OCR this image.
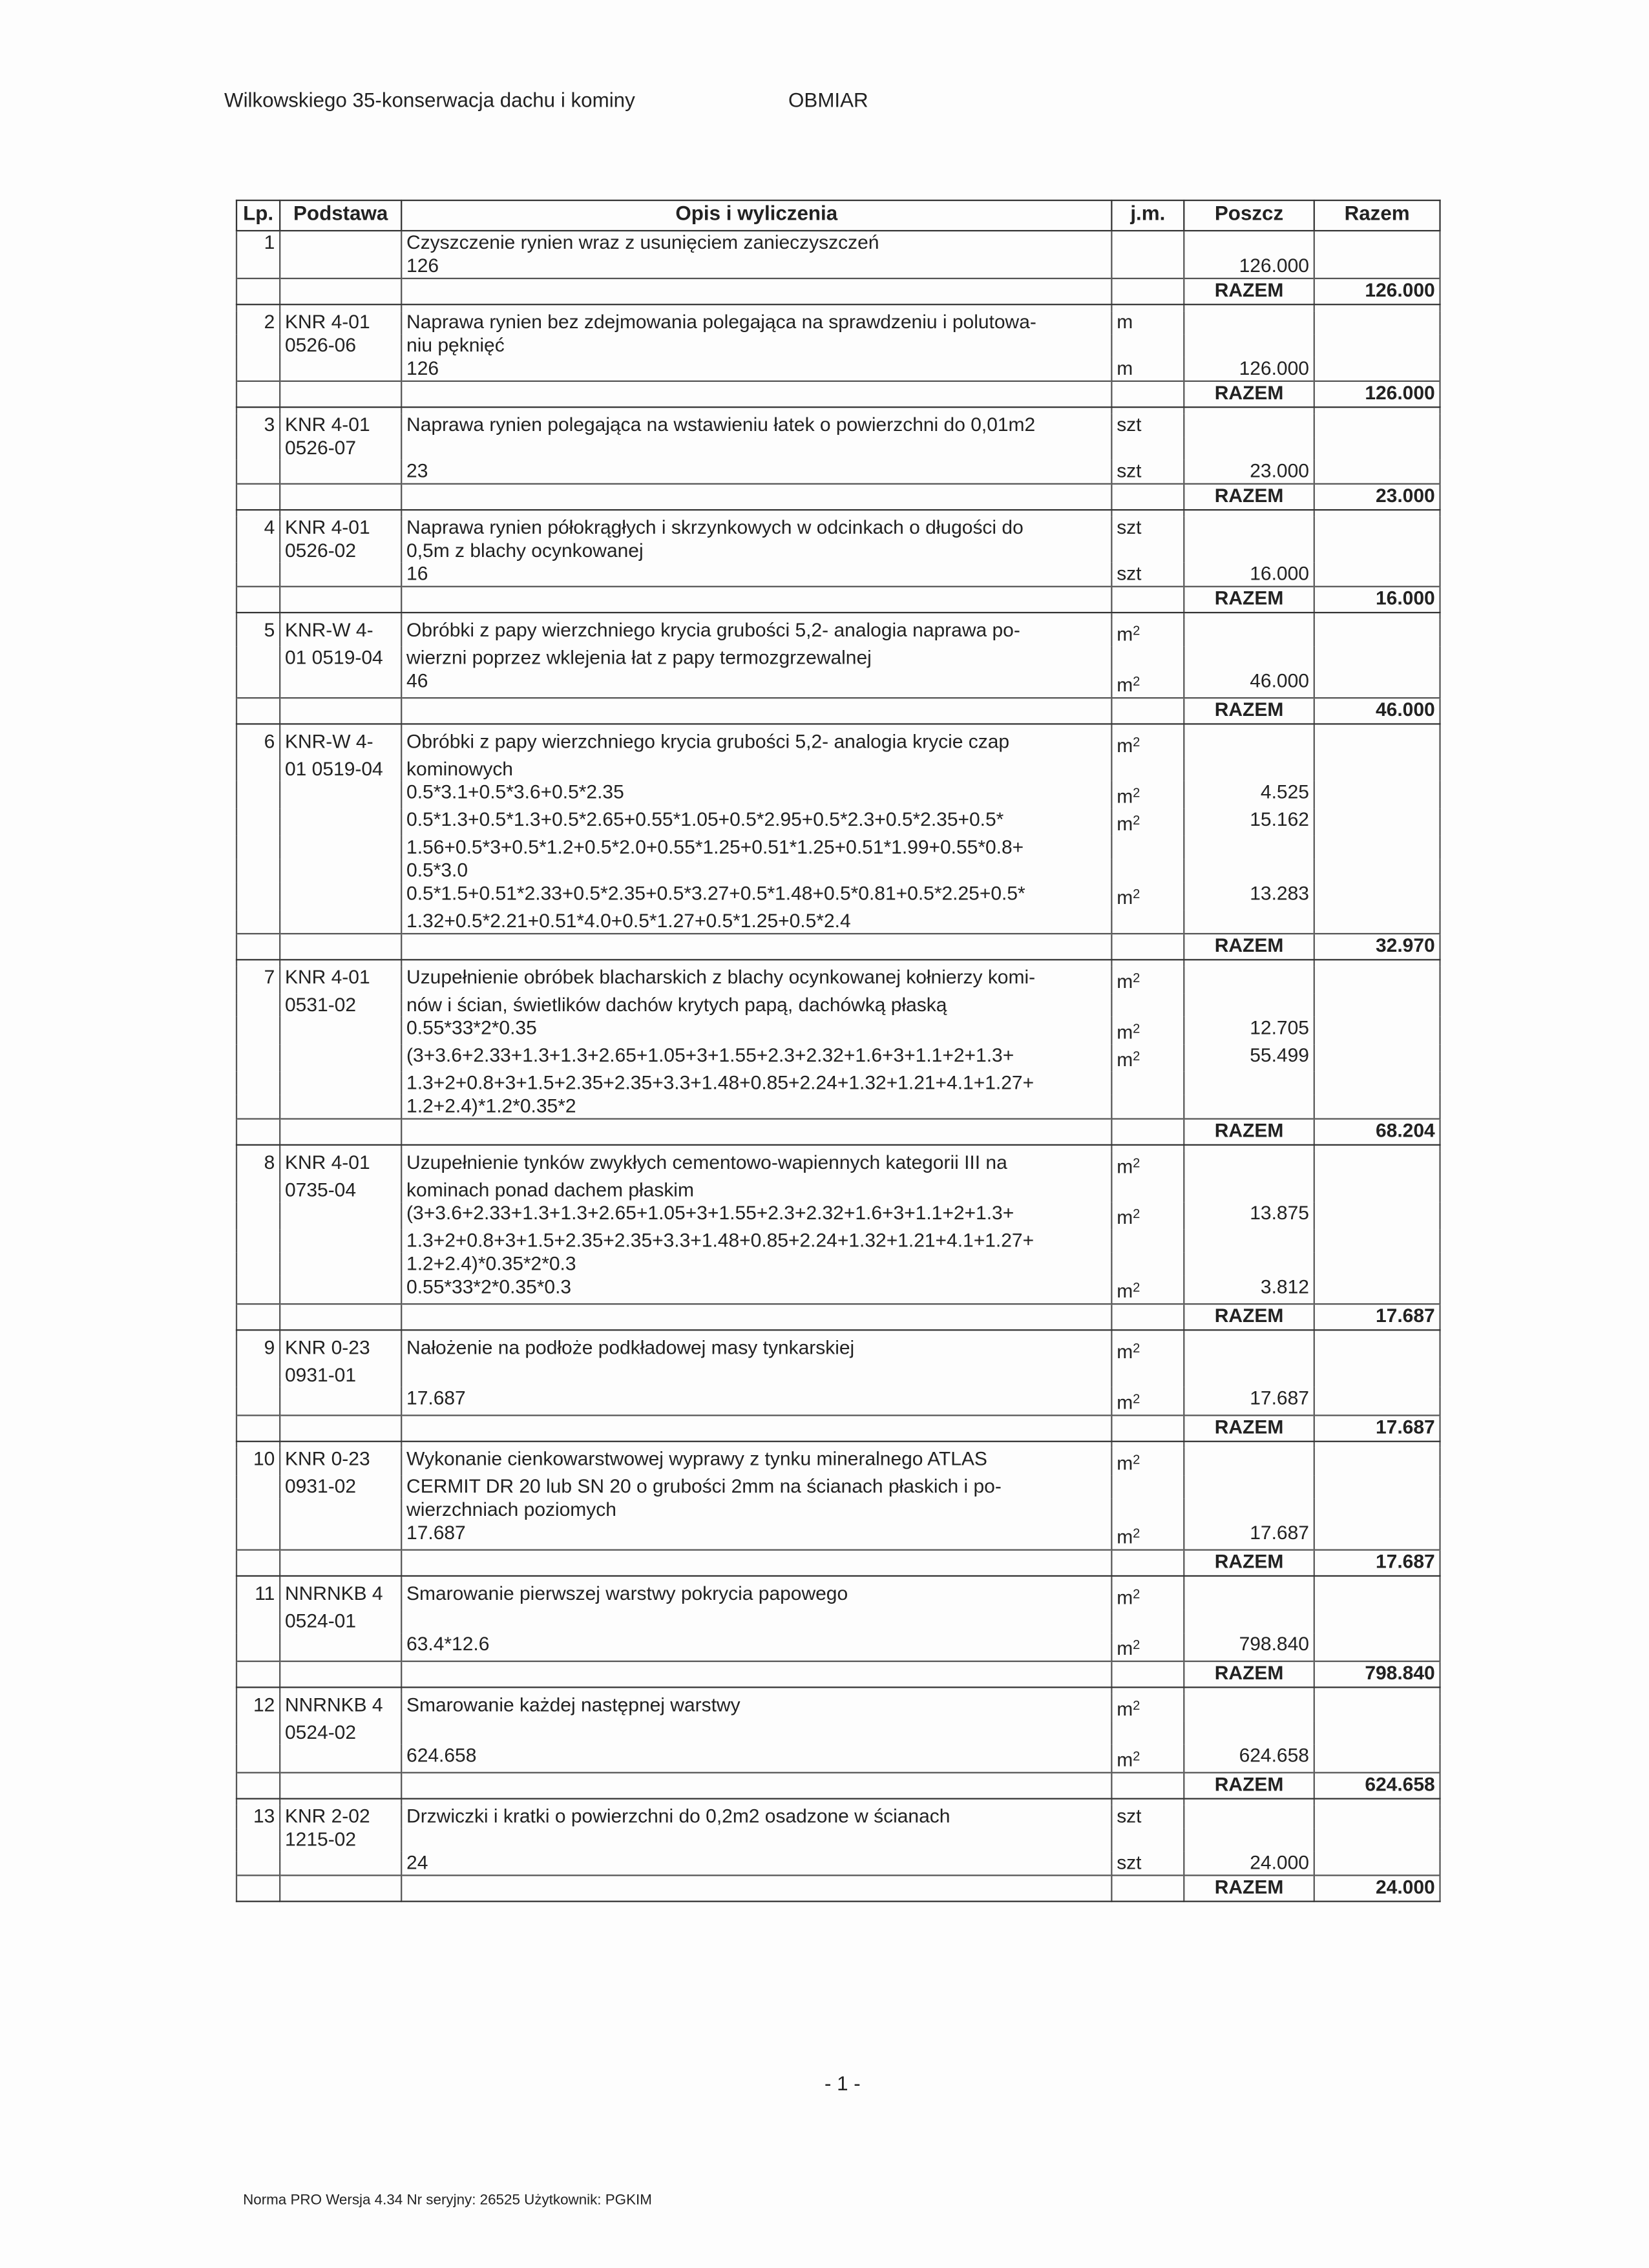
Wilkowskiego 35-konserwacja dachu i kominy	OBMIAR
Lp.	Podstawa	Opis i wyliczenia	j.m.	Poszcz	Razem
1		Czyszczenie rynien wraz z usunięciem zanieczyszczeń			
		126		126.000	
				RAZEM	126.000

2	KNR 4-01	Naprawa rynien bez zdejmowania polegająca na sprawdzeniu i polutowa-	m		
	0526-06	niu pęknięć			
		126	m	126.000	
				RAZEM	126.000

3	KNR 4-01	Naprawa rynien polegająca na wstawieniu łatek o powierzchni do 0,01m2	szt		
	0526-07				
		23	szt	23.000	
				RAZEM	23.000

4	KNR 4-01	Naprawa rynien półokrągłych i skrzynkowych w odcinkach o długości do	szt		
	0526-02	0,5m z blachy ocynkowanej			
		16	szt	16.000	
				RAZEM	16.000

5	KNR-W 4-	Obróbki z papy wierzchniego krycia grubości 5,2- analogia naprawa po-	$m^2$		
	01 0519-04	wierzni poprzez wklejenia łat z papy termozgrzewalnej			
		46	$m^2$	46.000	
				RAZEM	46.000

6	KNR-W 4-	Obróbki z papy wierzchniego krycia grubości 5,2- analogia krycie czap	$m^2$		
	01 0519-04	kominowych			
		0.5*3.1+0.5*3.6+0.5*2.35	$m^2$	4.525	
		0.5*1.3+0.5*1.3+0.5*2.65+0.55*1.05+0.5*2.95+0.5*2.3+0.5*2.35+0.5*	$m^2$	15.162	
		1.56+0.5*3+0.5*1.2+0.5*2.0+0.55*1.25+0.51*1.25+0.51*1.99+0.55*0.8+			
		0.5*3.0			
		0.5*1.5+0.51*2.33+0.5*2.35+0.5*3.27+0.5*1.48+0.5*0.81+0.5*2.25+0.5*	$m^2$	13.283	
		1.32+0.5*2.21+0.51*4.0+0.5*1.27+0.5*1.25+0.5*2.4			
				RAZEM	32.970

7	KNR 4-01	Uzupełnienie obróbek blacharskich z blachy ocynkowanej kołnierzy komi-	$m^2$		
	0531-02	nów i ścian, świetlików dachów krytych papą, dachówką płaską			
		0.55*33*2*0.35	$m^2$	12.705	
		(3+3.6+2.33+1.3+1.3+2.65+1.05+3+1.55+2.3+2.32+1.6+3+1.1+2+1.3+	$m^2$	55.499	
		1.3+2+0.8+3+1.5+2.35+2.35+3.3+1.48+0.85+2.24+1.32+1.21+4.1+1.27+			
		1.2+2.4)*1.2*0.35*2			
				RAZEM	68.204

8	KNR 4-01	Uzupełnienie tynków zwykłych cementowo-wapiennych kategorii III na	$m^2$		
	0735-04	kominach ponad dachem płaskim			
		(3+3.6+2.33+1.3+1.3+2.65+1.05+3+1.55+2.3+2.32+1.6+3+1.1+2+1.3+	$m^2$	13.875	
		1.3+2+0.8+3+1.5+2.35+2.35+3.3+1.48+0.85+2.24+1.32+1.21+4.1+1.27+			
		1.2+2.4)*0.35*2*0.3			
		0.55*33*2*0.35*0.3	$m^2$	3.812	
				RAZEM	17.687

9	KNR 0-23	Nałożenie na podłoże podkładowej masy tynkarskiej	$m^2$		
	0931-01				
		17.687	$m^2$	17.687	
				RAZEM	17.687

10	KNR 0-23	Wykonanie cienkowarstwowej wyprawy z tynku mineralnego ATLAS	$m^2$		
	0931-02	CERMIT DR 20 lub SN 20 o grubości 2mm na ścianach płaskich i po-			
		wierzchniach poziomych			
		17.687	$m^2$	17.687	
				RAZEM	17.687

11	NNRNKB 4	Smarowanie pierwszej warstwy pokrycia papowego	$m^2$		
	0524-01				
		63.4*12.6	$m^2$	798.840	
				RAZEM	798.840

12	NNRNKB 4	Smarowanie każdej następnej warstwy	$m^2$		
	0524-02				
		624.658	$m^2$	624.658	
				RAZEM	624.658

13	KNR 2-02	Drzwiczki i kratki o powierzchni do 0,2m2 osadzone w ścianach	szt		
	1215-02				
		24	szt	24.000	
				RAZEM	24.000
- 1 -
Norma PRO Wersja 4.34 Nr seryjny: 26525 Użytkownik: PGKIM
